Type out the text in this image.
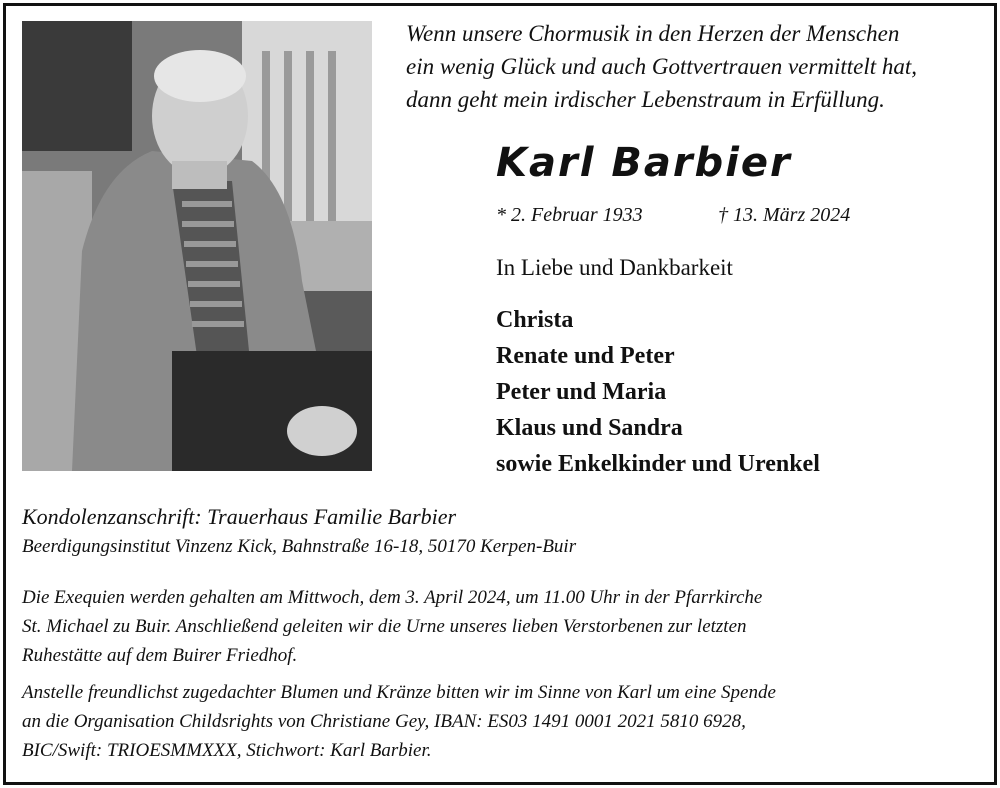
Wenn unsere Chormusik in den Herzen der Menschen
ein wenig Glück und auch Gottvertrauen vermittelt hat,
dann geht mein irdischer Lebenstraum in Erfüllung.
Karl Barbier
* 2. Februar 1933	† 13. März 2024
In Liebe und Dankbarkeit
Christa
Renate und Peter
Peter und Maria
Klaus und Sandra
sowie Enkelkinder und Urenkel
Kondolenzanschrift: Trauerhaus Familie Barbier
Beerdigungsinstitut Vinzenz Kick, Bahnstraße 16-18, 50170 Kerpen-Buir
Die Exequien werden gehalten am Mittwoch, dem 3. April 2024, um 11.00 Uhr in der Pfarrkirche
St. Michael zu Buir. Anschließend geleiten wir die Urne unseres lieben Verstorbenen zur letzten
Ruhestätte auf dem Buirer Friedhof.
Anstelle freundlichst zugedachter Blumen und Kränze bitten wir im Sinne von Karl um eine Spende
an die Organisation Childsrights von Christiane Gey, IBAN: ES03 1491 0001 2021 5810 6928,
BIC/Swift: TRIOESMMXXX, Stichwort: Karl Barbier.
